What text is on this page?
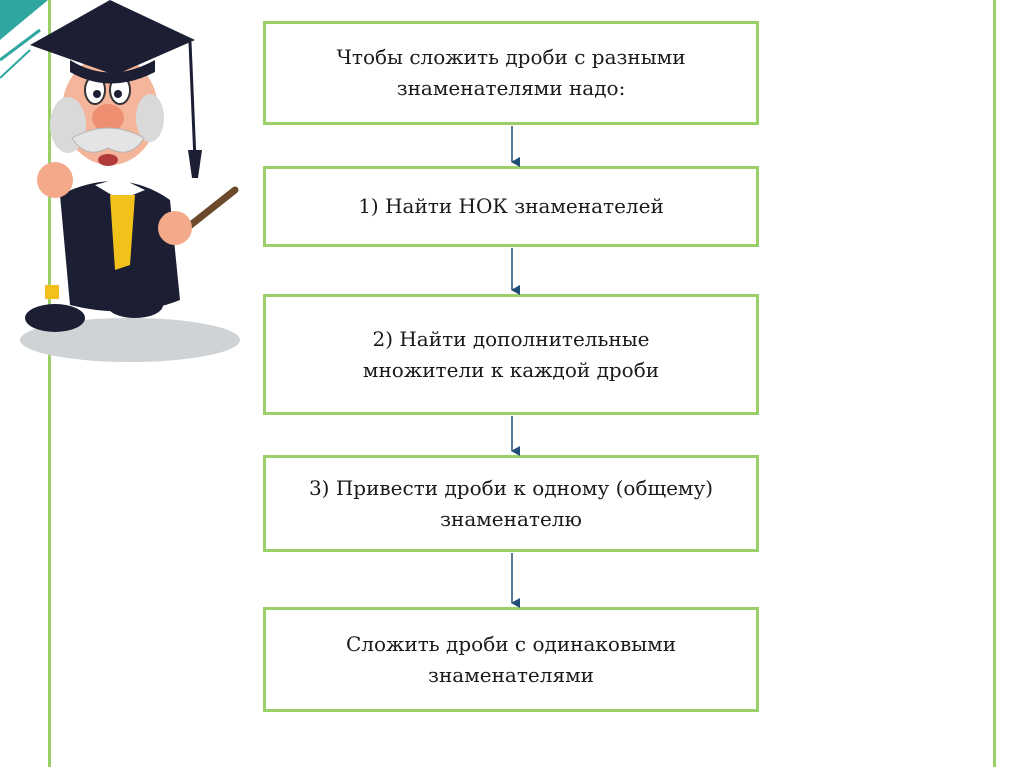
Чтобы сложить дроби с разными знаменателями надо:
1) Найти НОК знаменателей
2) Найти дополнительные множители к каждой дроби
3) Привести дроби к одному (общему) знаменателю
Сложить дроби с одинаковыми знаменателями
